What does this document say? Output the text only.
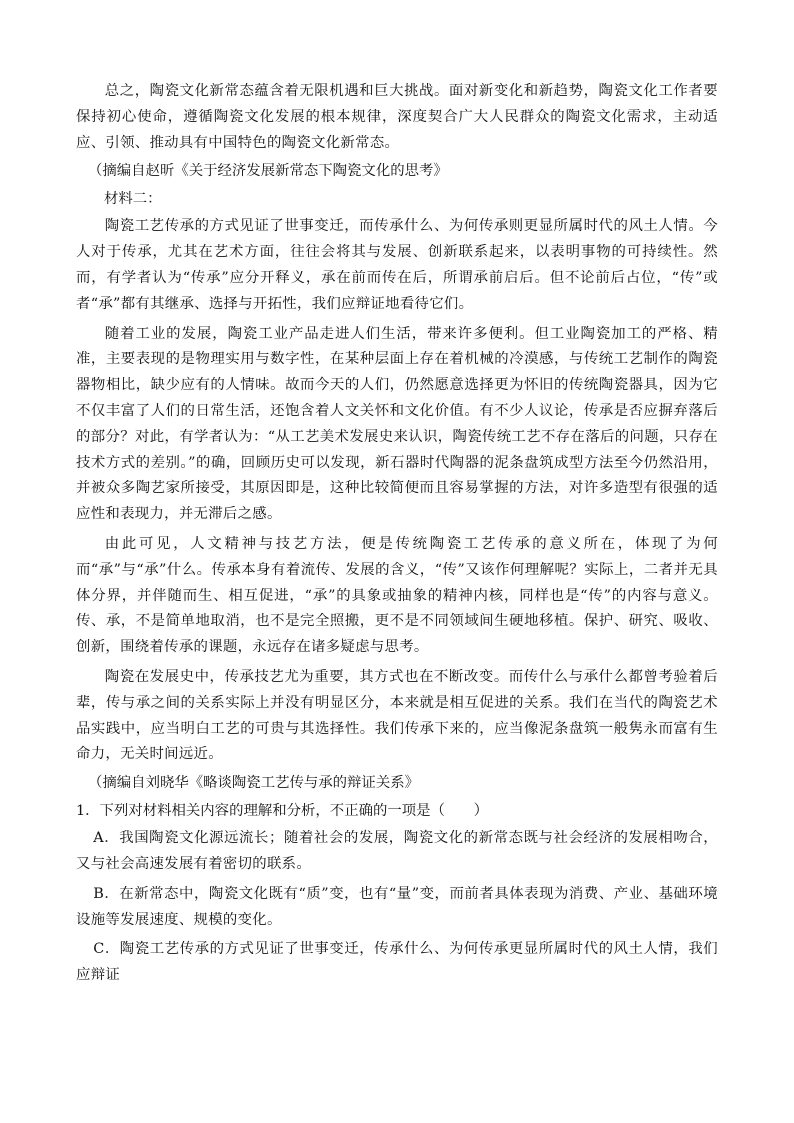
总之，陶瓷文化新常态蕴含着无限机遇和巨大挑战。面对新变化和新趋势，陶瓷文化工作者要保持初心使命，遵循陶瓷文化发展的根本规律，深度契合广大人民群众的陶瓷文化需求，主动适应、引领、推动具有中国特色的陶瓷文化新常态。

（摘编自赵昕《关于经济发展新常态下陶瓷文化的思考》

材料二：

陶瓷工艺传承的方式见证了世事变迁，而传承什么、为何传承则更显所属时代的风土人情。今人对于传承，尤其在艺术方面，往往会将其与发展、创新联系起来，以表明事物的可持续性。然而，有学者认为“传承”应分开释义，承在前而传在后，所谓承前启后。但不论前后占位，“传”或者“承”都有其继承、选择与开拓性，我们应辩证地看待它们。

随着工业的发展，陶瓷工业产品走进人们生活，带来许多便利。但工业陶瓷加工的严格、精准，主要表现的是物理实用与数字性，在某种层面上存在着机械的冷漠感，与传统工艺制作的陶瓷器物相比，缺少应有的人情味。故而今天的人们，仍然愿意选择更为怀旧的传统陶瓷器具，因为它不仅丰富了人们的日常生活，还饱含着人文关怀和文化价值。有不少人议论，传承是否应摒弃落后的部分？对此，有学者认为：“从工艺美术发展史来认识，陶瓷传统工艺不存在落后的问题，只存在技术方式的差别。”的确，回顾历史可以发现，新石器时代陶器的泥条盘筑成型方法至今仍然沿用，并被众多陶艺家所接受，其原因即是，这种比较简便而且容易掌握的方法，对许多造型有很强的适应性和表现力，并无滞后之感。

由此可见，人文精神与技艺方法，便是传统陶瓷工艺传承的意义所在，体现了为何而“承”与“承”什么。传承本身有着流传、发展的含义，“传”又该作何理解呢？实际上，二者并无具体分界，并伴随而生、相互促进，“承”的具象或抽象的精神内核，同样也是“传”的内容与意义。传、承，不是简单地取消，也不是完全照搬，更不是不同领域间生硬地移植。保护、研究、吸收、创新，围绕着传承的课题，永远存在诸多疑虑与思考。

陶瓷在发展史中，传承技艺尤为重要，其方式也在不断改变。而传什么与承什么都曾考验着后辈，传与承之间的关系实际上并没有明显区分，本来就是相互促进的关系。我们在当代的陶瓷艺术品实践中，应当明白工艺的可贵与其选择性。我们传承下来的，应当像泥条盘筑一般隽永而富有生命力，无关时间远近。

（摘编自刘晓华《略谈陶瓷工艺传与承的辩证关系》

1．下列对材料相关内容的理解和分析，不正确的一项是（　　）

A．我国陶瓷文化源远流长；随着社会的发展，陶瓷文化的新常态既与社会经济的发展相吻合，又与社会高速发展有着密切的联系。

B．在新常态中，陶瓷文化既有“质”变，也有“量”变，而前者具体表现为消费、产业、基础环境设施等发展速度、规模的变化。

C．陶瓷工艺传承的方式见证了世事变迁，传承什么、为何传承更显所属时代的风土人情，我们应辩证
